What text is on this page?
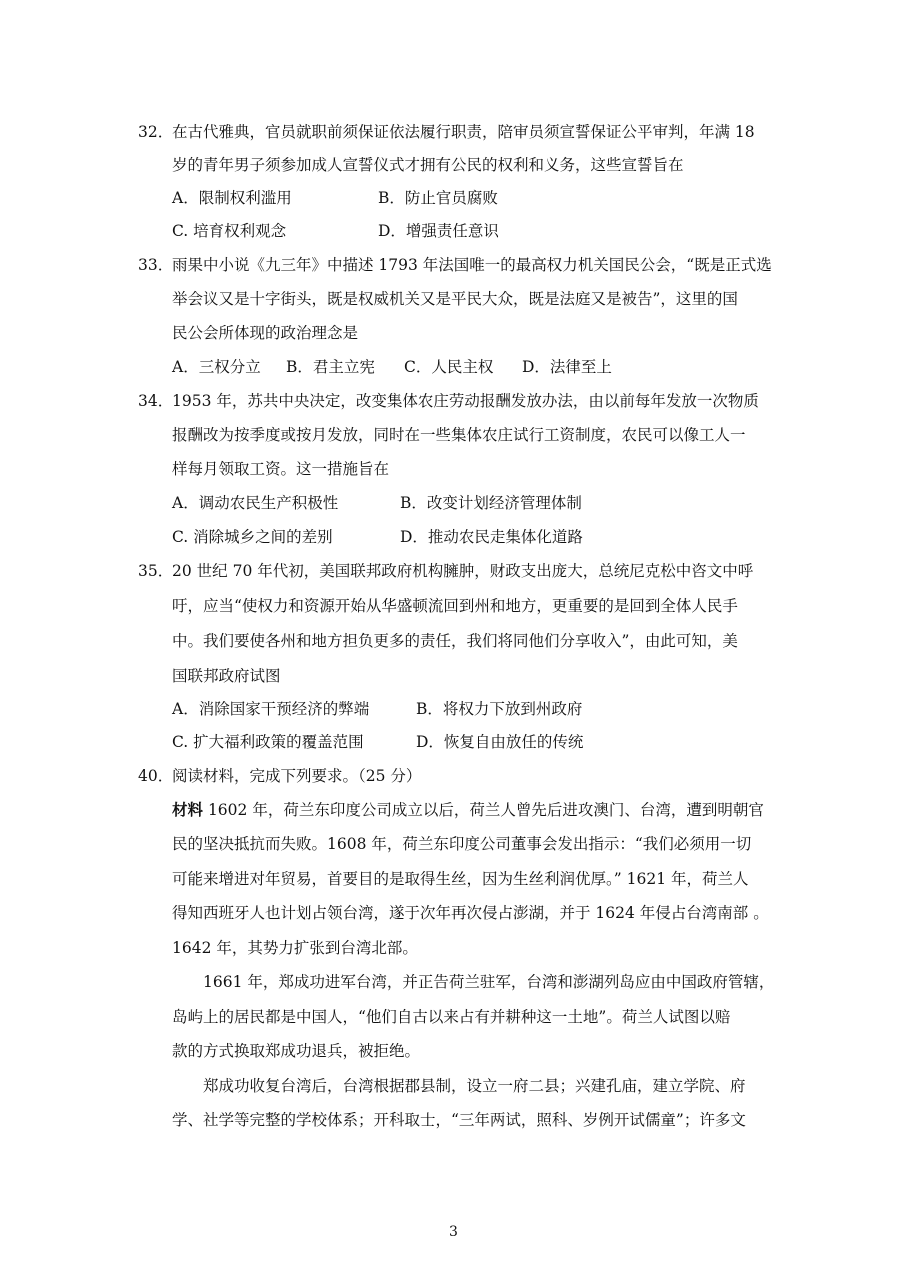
32．
在古代雅典，官员就职前须保证依法履行职责，陪审员须宣誓保证公平审判，年满 18
岁的青年男子须参加成人宣誓仪式才拥有公民的权利和义务，这些宣誓旨在
A．限制权利滥用	B．防止官员腐败
C. 培育权利观念	D．增强责任意识
33．
雨果中小说《九三年》中描述 1793 年法国唯一的最高权力机关国民公会，“既是正式选
举会议又是十字街头，既是权威机关又是平民大众，既是法庭又是被告”，这里的国
民公会所体现的政治理念是
A．三权分立 B．君主立宪 C．人民主权 D．法律至上
34．
1953 年，苏共中央决定，改变集体农庄劳动报酬发放办法，由以前每年发放一次物质
报酬改为按季度或按月发放，同时在一些集体农庄试行工资制度，农民可以像工人一
样每月领取工资。这一措施旨在
A．调动农民生产积极性	B．改变计划经济管理体制
C. 消除城乡之间的差别	D．推动农民走集体化道路
35．
20 世纪 70 年代初，美国联邦政府机构臃肿，财政支出庞大，总统尼克松中咨文中呼
吁，应当“使权力和资源开始从华盛顿流回到州和地方，更重要的是回到全体人民手
中。我们要使各州和地方担负更多的责任，我们将同他们分享收入”，由此可知，美
国联邦政府试图
A．消除国家干预经济的弊端	B．将权力下放到州政府
C. 扩大福利政策的覆盖范围	D．恢复自由放任的传统
40．
阅读材料，完成下列要求。（25 分）
材料 1602 年，荷兰东印度公司成立以后，荷兰人曾先后进攻澳门、台湾，遭到明朝官
民的坚决抵抗而失败。1608 年，荷兰东印度公司董事会发出指示：“我们必须用一切
可能来增进对年贸易，首要目的是取得生丝，因为生丝利润优厚。” 1621 年，荷兰人
得知西班牙人也计划占领台湾，遂于次年再次侵占澎湖，并于 1624 年侵占台湾南部 。
1642 年，其势力扩张到台湾北部。
1661 年，郑成功进军台湾，并正告荷兰驻军，台湾和澎湖列岛应由中国政府管辖，
岛屿上的居民都是中国人，“他们自古以来占有并耕种这一土地”。荷兰人试图以赔
款的方式换取郑成功退兵，被拒绝。
郑成功收复台湾后，台湾根据郡县制，设立一府二县；兴建孔庙，建立学院、府
学、社学等完整的学校体系；开科取士，“三年两试，照科、岁例开试儒童”；许多文
3
